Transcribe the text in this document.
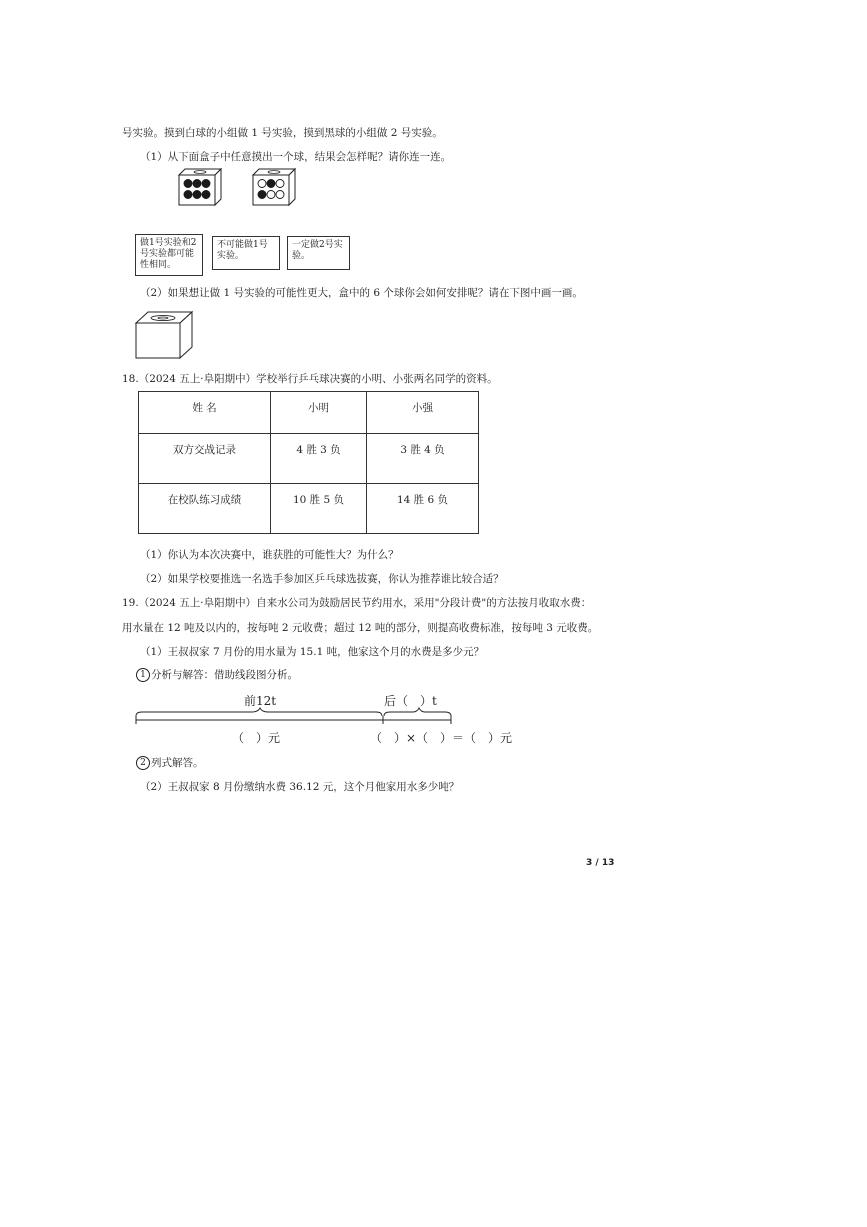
号实验。摸到白球的小组做 1 号实验，摸到黑球的小组做 2 号实验。
（1）从下面盒子中任意摸出一个球，结果会怎样呢？请你连一连。
做1号实验和2号实验都可能性相同。
不可能做1号实验。
一定做2号实验。
（2）如果想让做 1 号实验的可能性更大，盒中的 6 个球你会如何安排呢？请在下图中画一画。
18.（2024 五上·阜阳期中）学校举行乒乓球决赛的小明、小张两名同学的资料。
姓 名	小明	小强
双方交战记录	4 胜 3 负	3 胜 4 负
在校队练习成绩	10 胜 5 负	14 胜 6 负
（1）你认为本次决赛中，谁获胜的可能性大？为什么？
（2）如果学校要推选一名选手参加区乒乓球选拔赛，你认为推荐谁比较合适？
19.（2024 五上·阜阳期中）自来水公司为鼓励居民节约用水，采用"分段计费"的方法按月收取水费：
用水量在 12 吨及以内的，按每吨 2 元收费；超过 12 吨的部分，则提高收费标准，按每吨 3 元收费。
（1）王叔叔家 7 月份的用水量为 15.1 吨，他家这个月的水费是多少元？
1 分析与解答：借助线段图分析。
前12t	后（　）t
（　）元	（　）×（　）＝（　）元
2 列式解答。
（2）王叔叔家 8 月份缴纳水费 36.12 元，这个月他家用水多少吨？
3 / 13
